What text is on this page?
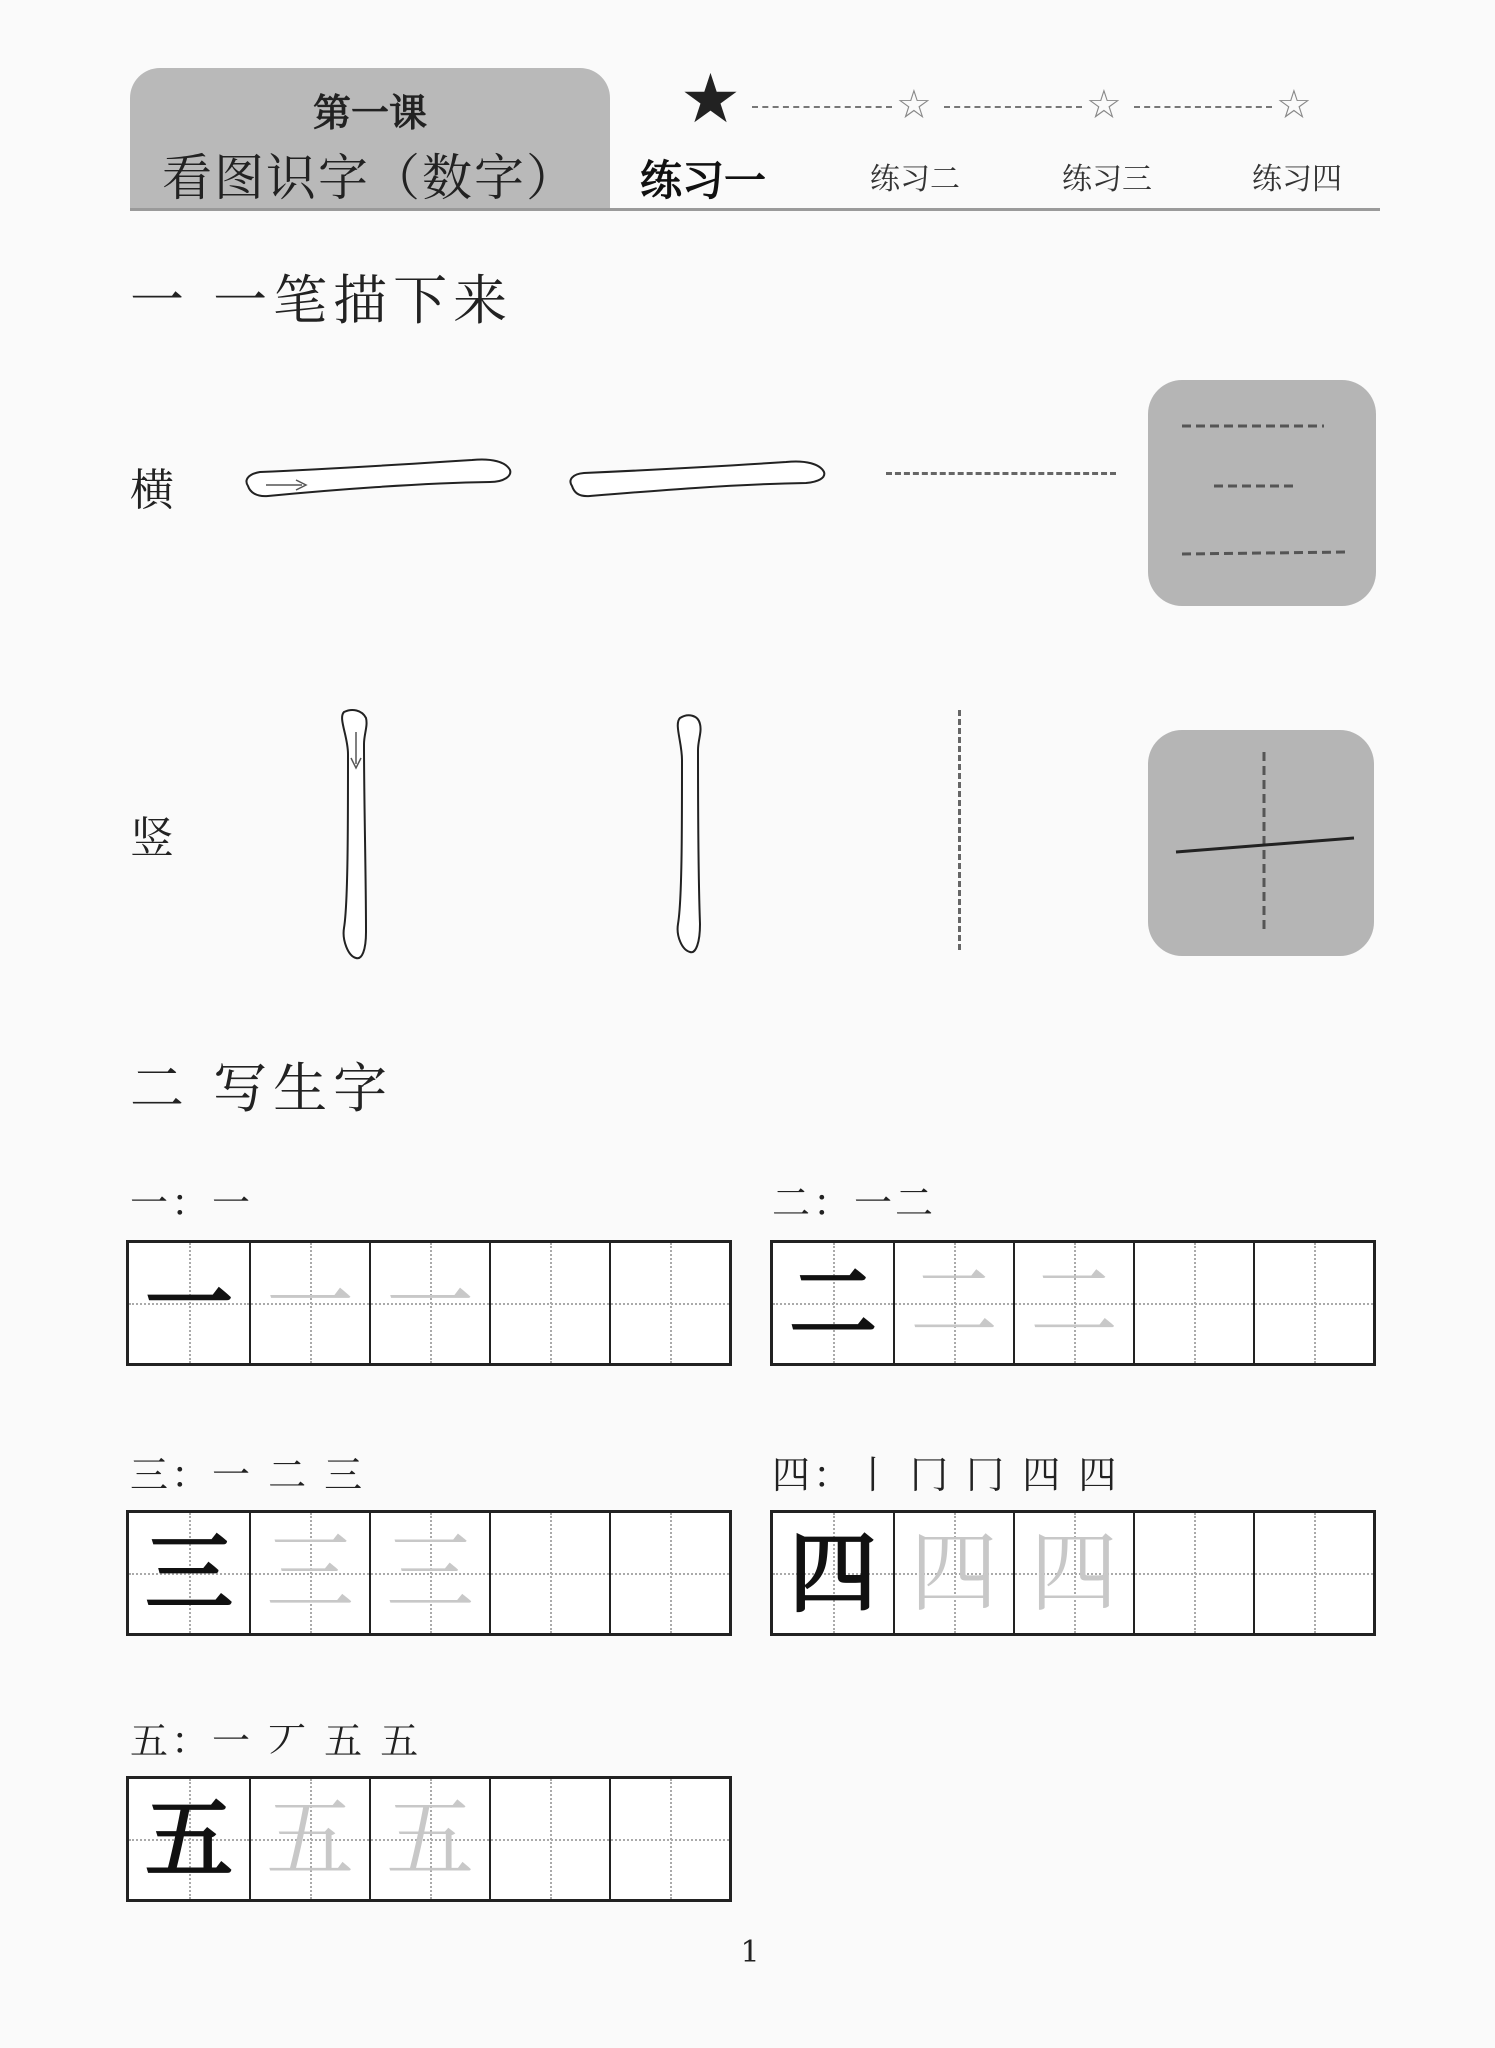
第一课
看图识字（数字）
★	☆	☆	☆
练习一	练习二	练习三	练习四
一 一笔描下来
横
竖
二 写生字
一：一
一 一 一
二：一二
二 二 二
三：一 二 三
三 三 三
四：丨 冂 冂 四 四
四 四 四
五：一 丆 五 五
五 五 五
1
